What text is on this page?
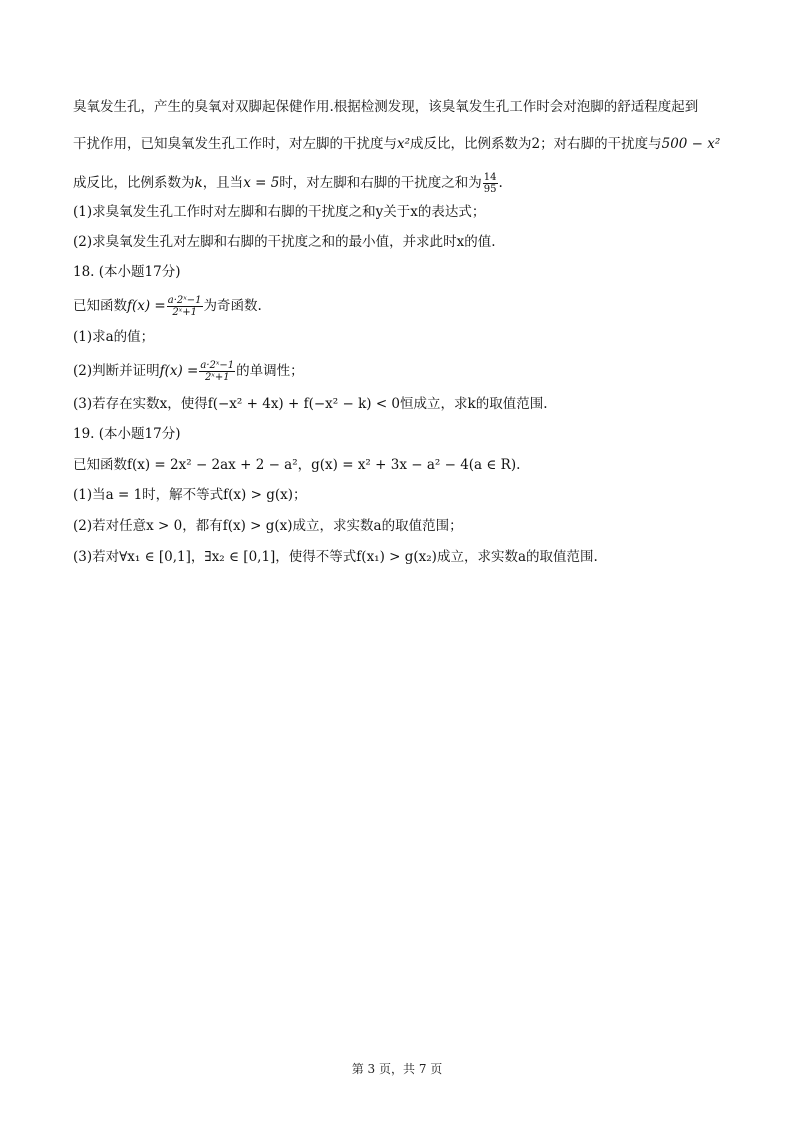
臭氧发生孔，产生的臭氧对双脚起保健作用.根据检测发现，该臭氧发生孔工作时会对泡脚的舒适程度起到
干扰作用，已知臭氧发生孔工作时，对左脚的干扰度与x²成反比，比例系数为2；对右脚的干扰度与500 − x²
成反比，比例系数为k，且当x = 5时，对左脚和右脚的干扰度之和为 $\frac{14}{95}$ .
(1)求臭氧发生孔工作时对左脚和右脚的干扰度之和y关于x的表达式；
(2)求臭氧发生孔对左脚和右脚的干扰度之和的最小值，并求此时x的值.
18. (本小题17分)
已知函数$f(x) = \frac{\text{a·2ˣ−1}}{\text{2ˣ+1}}$ 为奇函数.
(1)求a的值；
(2)判断并证明$f(x) = \frac{\text{a·2ˣ−1}}{\text{2ˣ+1}}$ 的单调性；
(3)若存在实数x，使得f(−x² + 4x) + f(−x² − k) < 0恒成立，求k的取值范围.
19. (本小题17分)
已知函数f(x) = 2x² − 2ax + 2 − a²，g(x) = x² + 3x − a² − 4(a ∈ R).
(1)当a = 1时，解不等式f(x) > g(x)；
(2)若对任意x > 0，都有f(x) > g(x)成立，求实数a的取值范围；
(3)若对∀x₁ ∈ [0,1]，∃x₂ ∈ [0,1]，使得不等式f(x₁) > g(x₂)成立，求实数a的取值范围.
第 3 页，共 7 页
